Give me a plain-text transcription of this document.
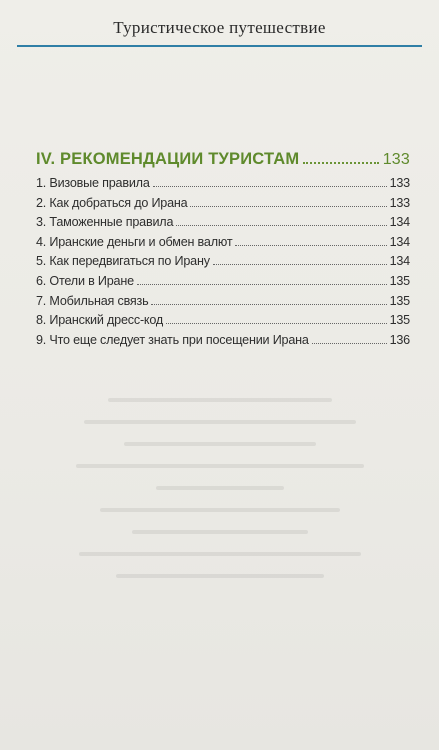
Туристическое путешествие
IV. РЕКОМЕНДАЦИИ ТУРИСТАМ	133
1. Визовые правила	133
2. Как добраться до Ирана	133
3. Таможенные правила	134
4. Иранские деньги и обмен валют	134
5. Как передвигаться по Ирану	134
6. Отели в Иране	135
7. Мобильная связь	135
8. Иранский дресс-код	135
9. Что еще следует знать при посещении Ирана	136
